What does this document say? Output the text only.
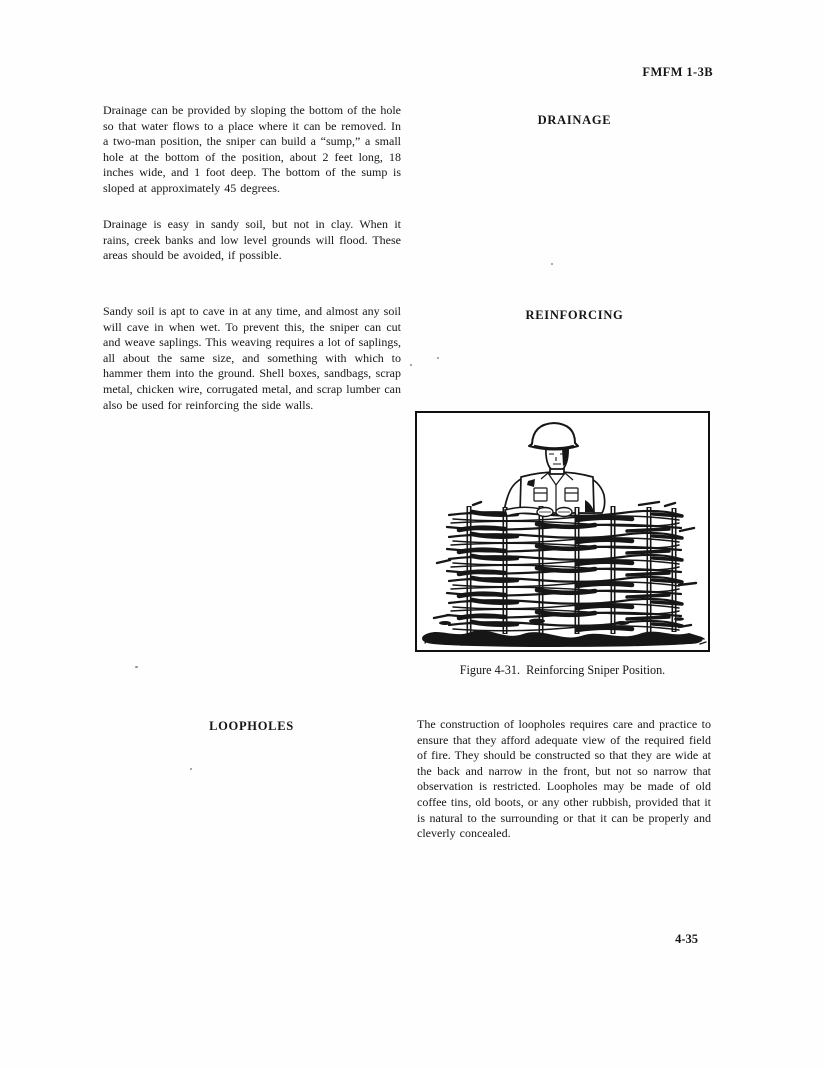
FMFM 1-3B

Drainage can be provided by sloping the bottom of the hole so that water flows to a place where it can be removed. In a two-man position, the sniper can build a “sump,” a small hole at the bottom of the position, about 2 feet long, 18 inches wide, and 1 foot deep. The bottom of the sump is sloped at approximately 45 degrees.

DRAINAGE

Drainage is easy in sandy soil, but not in clay. When it rains, creek banks and low level grounds will flood. These areas should be avoided, if possible.

Sandy soil is apt to cave in at any time, and almost any soil will cave in when wet. To prevent this, the sniper can cut and weave saplings. This weaving requires a lot of saplings, all about the same size, and something with which to hammer them into the ground. Shell boxes, sandbags, scrap metal, chicken wire, corrugated metal, and scrap lumber can also be used for reinforcing the side walls.

REINFORCING
Figure 4-31.  Reinforcing Sniper Position.
LOOPHOLES	The construction of loopholes requires care and practice to ensure that they afford adequate view of the required field of fire. They should be constructed so that they are wide at the back and narrow in the front, but not so narrow that observation is restricted. Loopholes may be made of old coffee tins, old boots, or any other rubbish, provided that it is natural to the surrounding or that it can be properly and cleverly concealed.

4-35
